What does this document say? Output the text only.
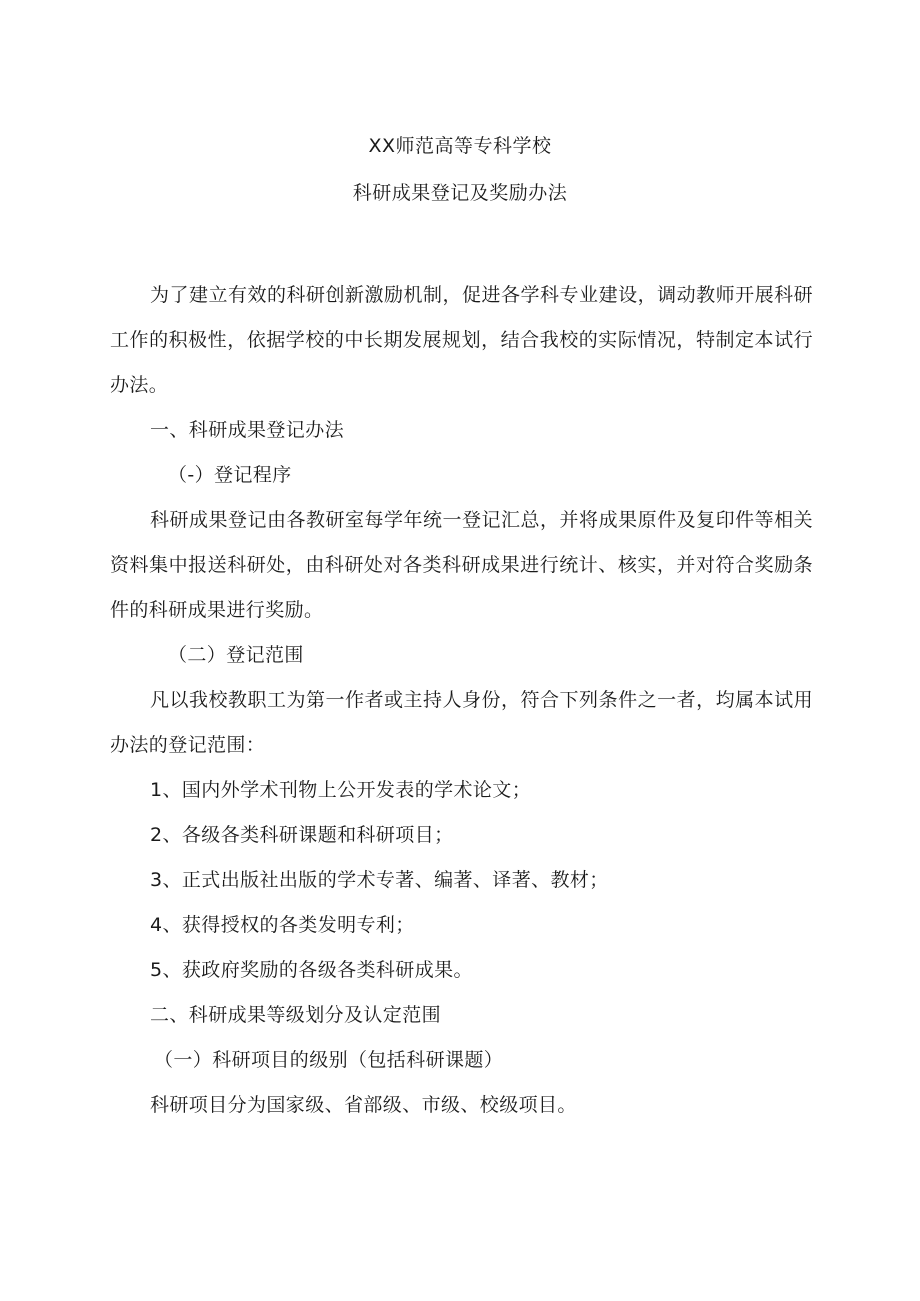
XX师范高等专科学校
科研成果登记及奖励办法

为了建立有效的科研创新激励机制，促进各学科专业建设，调动教师开展科研工作的积极性，依据学校的中长期发展规划，结合我校的实际情况，特制定本试行办法。

一、科研成果登记办法

（-）登记程序

科研成果登记由各教研室每学年统一登记汇总，并将成果原件及复印件等相关资料集中报送科研处，由科研处对各类科研成果进行统计、核实，并对符合奖励条件的科研成果进行奖励。

（二）登记范围

凡以我校教职工为第一作者或主持人身份，符合下列条件之一者，均属本试用办法的登记范围：

1、国内外学术刊物上公开发表的学术论文；

2、各级各类科研课题和科研项目；

3、正式出版社出版的学术专著、编著、译著、教材；

4、获得授权的各类发明专利；

5、获政府奖励的各级各类科研成果。

二、科研成果等级划分及认定范围

（一）科研项目的级别（包括科研课题）

科研项目分为国家级、省部级、市级、校级项目。
